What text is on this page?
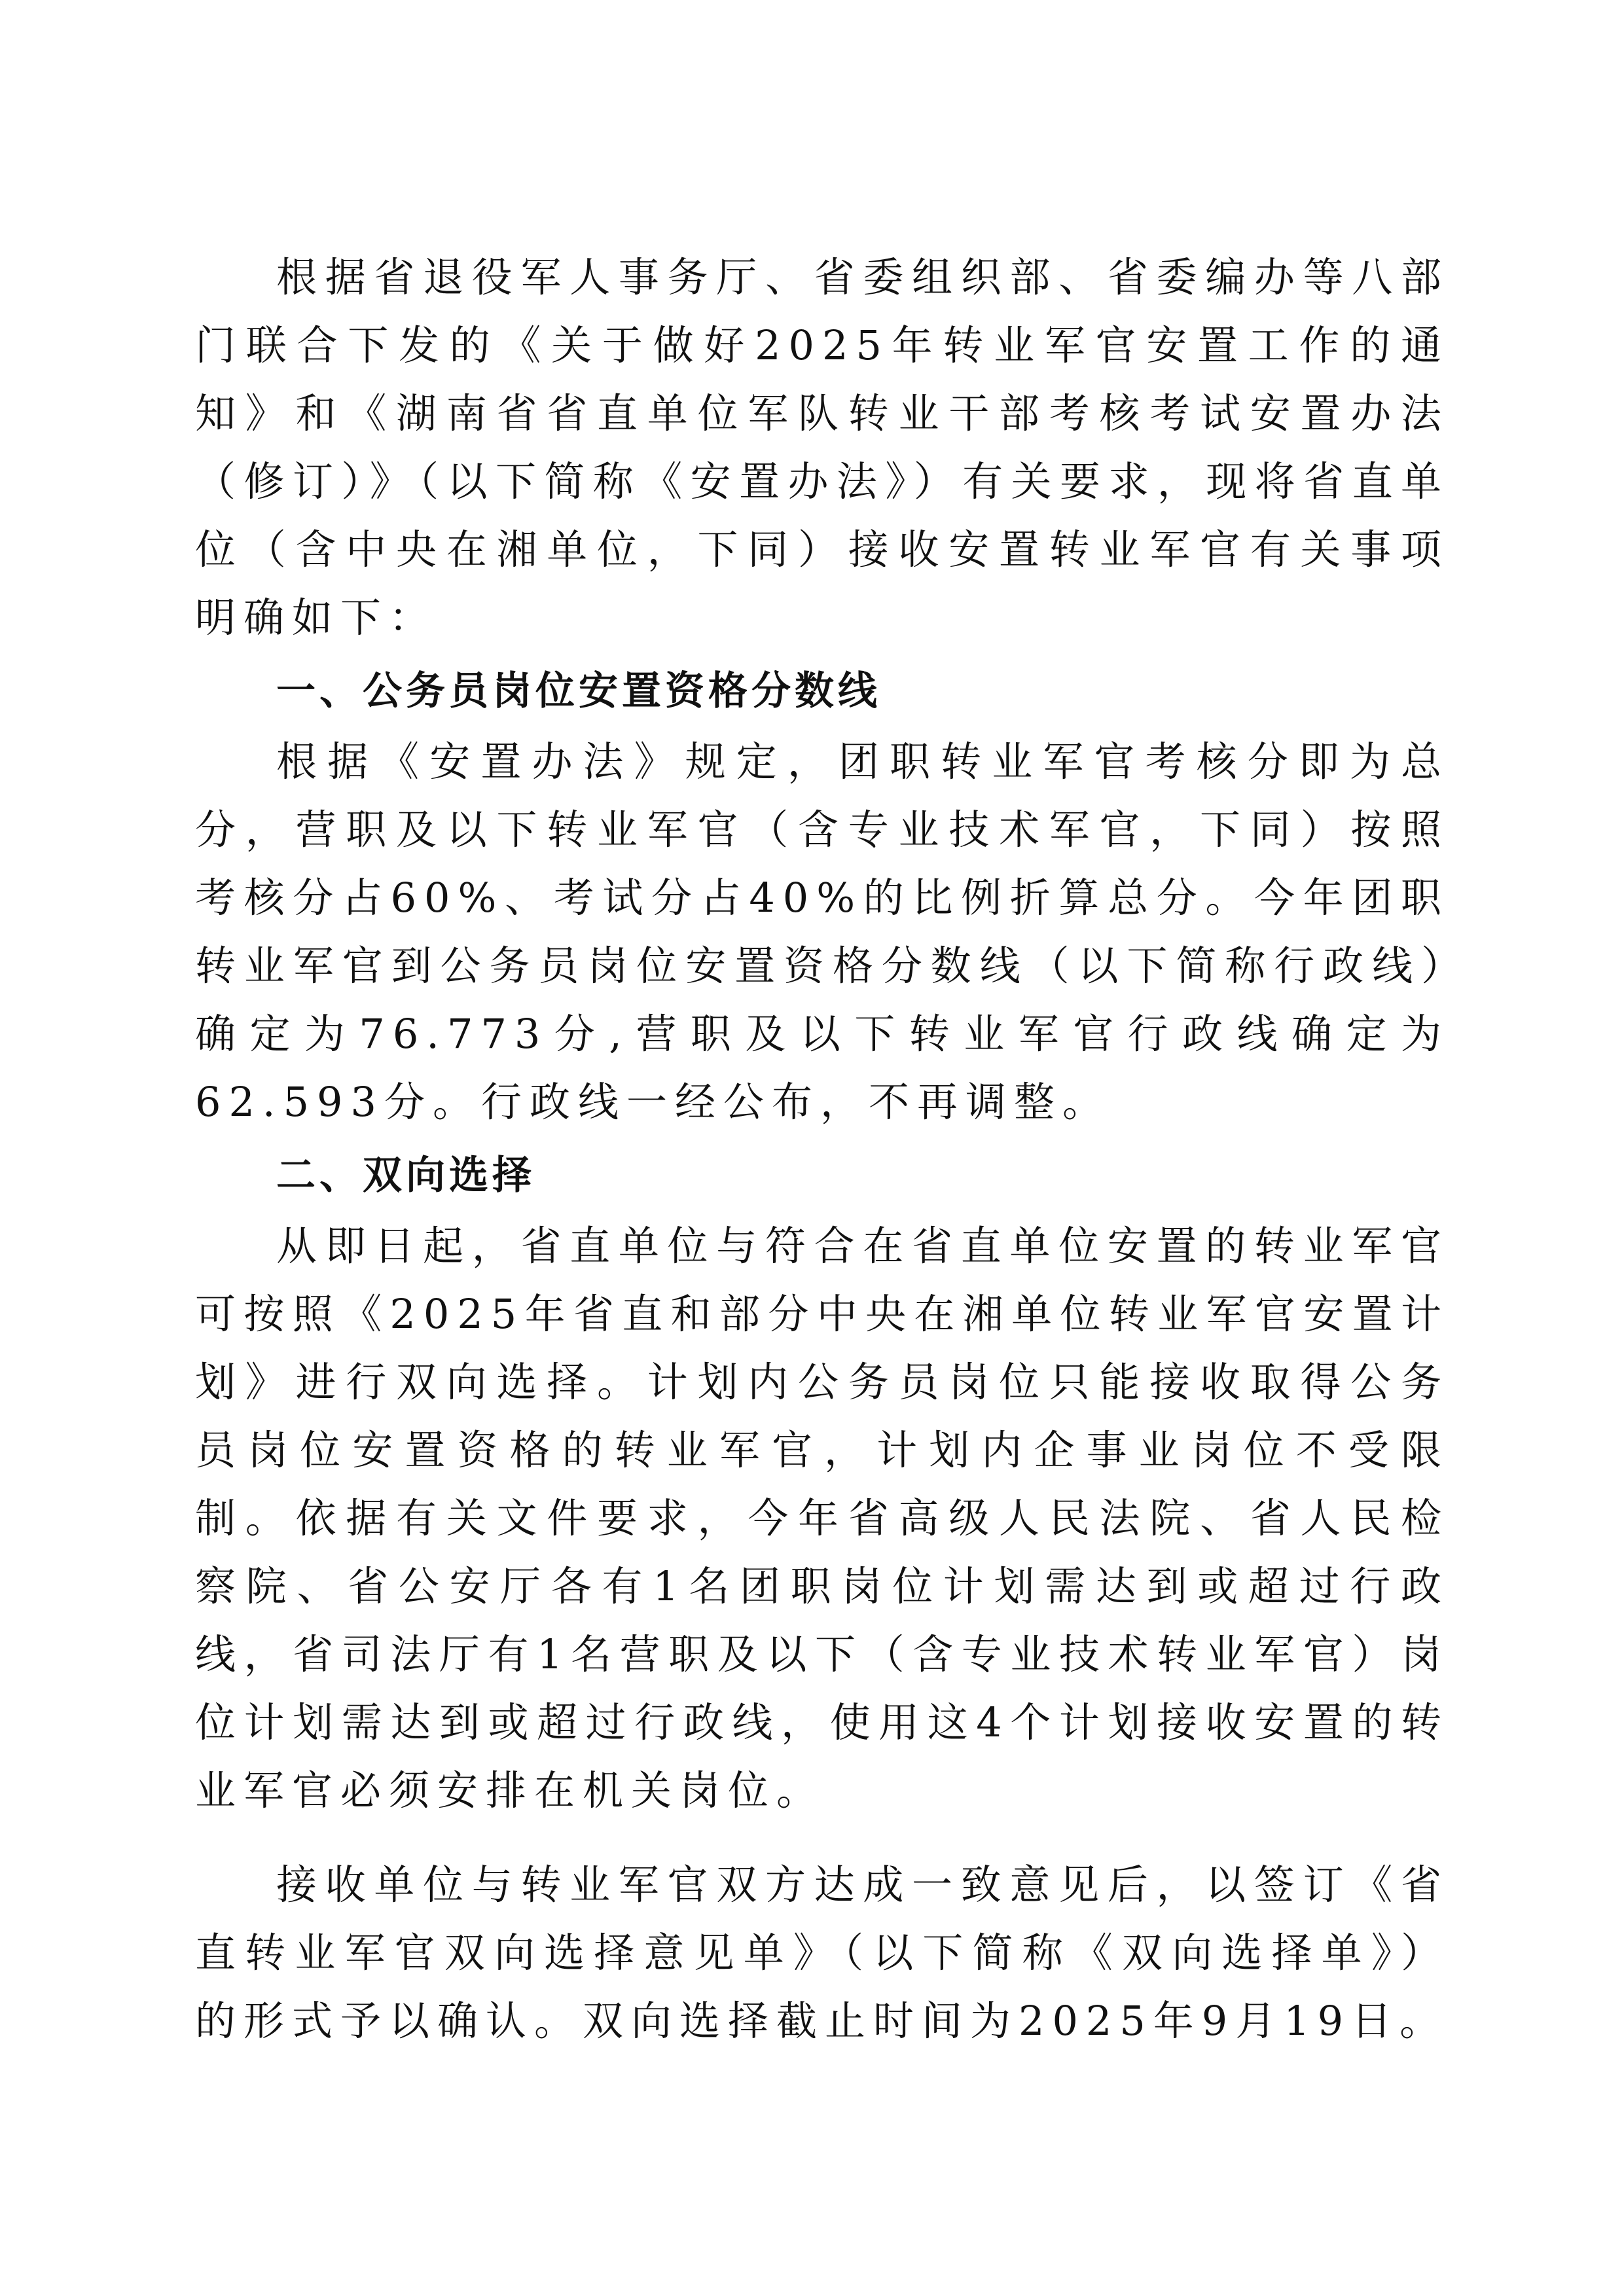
根据省退役军人事务厅、省委组织部、省委编办等八部门联合下发的《关于做好2025年转业军官安置工作的通知》和《湖南省省直单位军队转业干部考核考试安置办法（修订）》（以下简称《安置办法》）有关要求，现将省直单位（含中央在湘单位，下同）接收安置转业军官有关事项明确如下：

一、公务员岗位安置资格分数线

根据《安置办法》规定，团职转业军官考核分即为总分，营职及以下转业军官（含专业技术军官，下同）按照考核分占60%、考试分占40%的比例折算总分。今年团职转业军官到公务员岗位安置资格分数线（以下简称行政线）确定为76.773分,营职及以下转业军官行政线确定为62.593分。行政线一经公布，不再调整。

二、双向选择

从即日起，省直单位与符合在省直单位安置的转业军官可按照《2025年省直和部分中央在湘单位转业军官安置计划》进行双向选择。计划内公务员岗位只能接收取得公务员岗位安置资格的转业军官，计划内企事业岗位不受限制。依据有关文件要求，今年省高级人民法院、省人民检察院、省公安厅各有1名团职岗位计划需达到或超过行政线，省司法厅有1名营职及以下（含专业技术转业军官）岗位计划需达到或超过行政线，使用这4个计划接收安置的转业军官必须安排在机关岗位。

接收单位与转业军官双方达成一致意见后，以签订《省直转业军官双向选择意见单》（以下简称《双向选择单》）的形式予以确认。双向选择截止时间为2025年9月19日。
